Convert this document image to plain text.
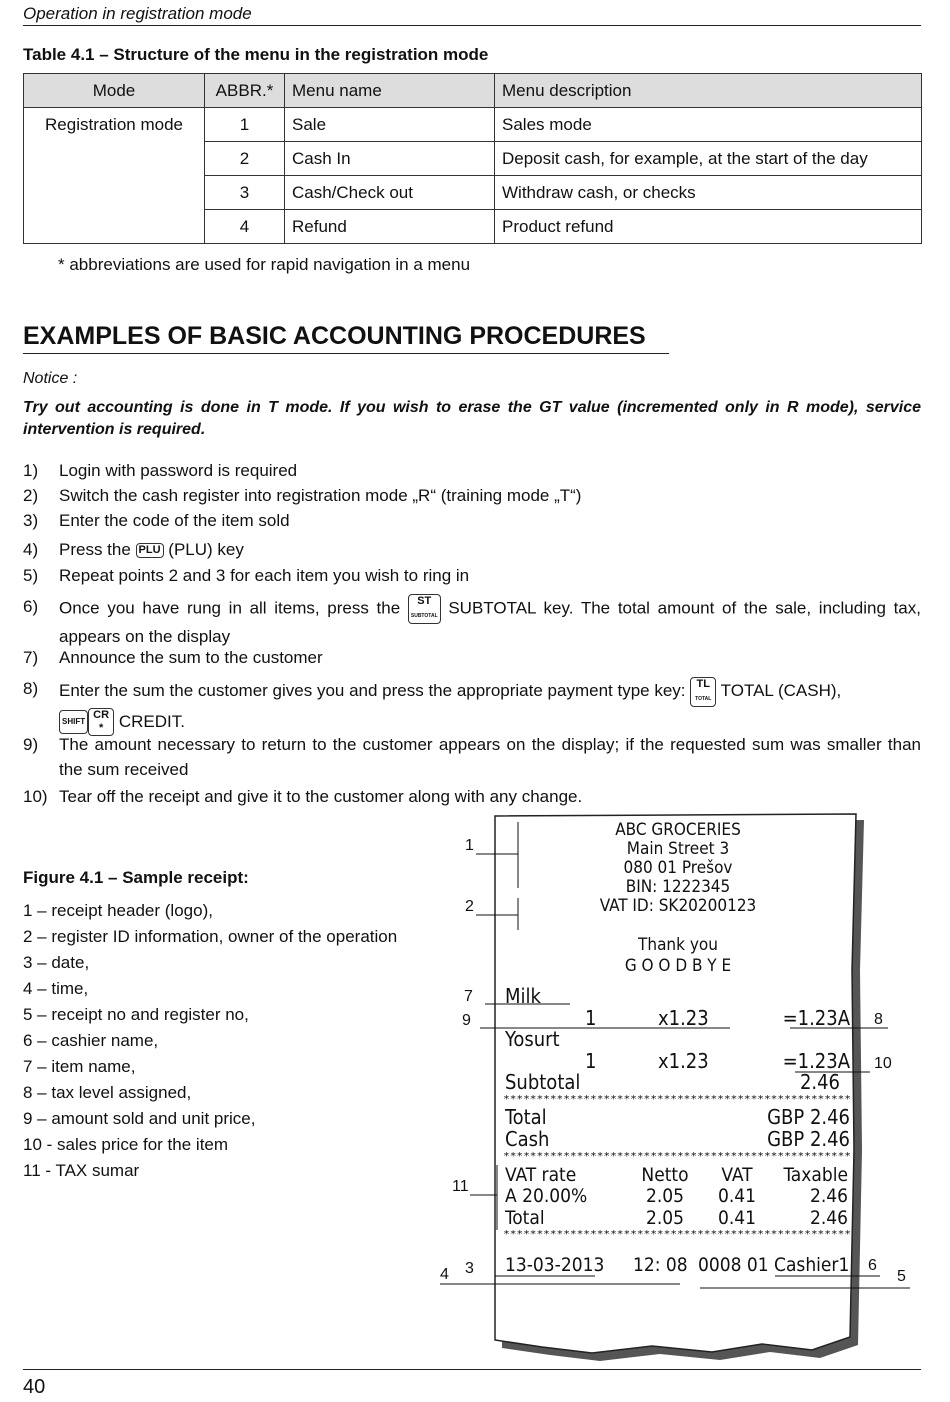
Operation in registration mode
Table 4.1 – Structure of the menu in the registration mode
Mode	ABBR.*	Menu name	Menu description
Registration mode	1	Sale	Sales mode
	2	Cash In	Deposit cash, for example, at the start of the day
	3	Cash/Check out	Withdraw cash, or checks
	4	Refund	Product refund
* abbreviations are used for rapid navigation in a menu
EXAMPLES OF BASIC ACCOUNTING PROCEDURES
Notice :
Try out accounting is done in T mode. If you wish to erase the GT value (incremented only in R mode), service intervention is required.
1) Login with password is required
2) Switch the cash register into registration mode „R“ (training mode „T“)
3) Enter the code of the item sold
4) Press the PLU (PLU) key
5) Repeat points 2 and 3 for each item you wish to ring in
6) Once you have rung in all items, press the ST
SUBTOTAL SUBTOTAL key. The total amount of the sale, including tax, appears on the display
7) Announce the sum to the customer
8) Enter the sum the customer gives you and press the appropriate payment type key: TL
TOTAL TOTAL (CASH),
SHIFTCR
* CREDIT.
9) The amount necessary to return to the customer appears on the display; if the requested sum was smaller than the sum received
10) Tear off the receipt and give it to the customer along with any change.
Figure 4.1 – Sample receipt:
1 – receipt header (logo),
2 – register ID information, owner of the operation
3 – date,
4 – time,
5 – receipt no and register no,
6 – cashier name,
7 – item name,
8 – tax level assigned,
9 – amount sold and unit price,
10 - sales price for the item
11 - TAX sumar
ABC GROCERIES
Main Street 3
080 01 Prešov
BIN: 1222345
VAT ID: SK20200123
Thank you
G O O D B Y E
Milk
1	x1.23	=1.23A
Yosurt
1	x1.23	=1.23A
Subtotal	2.46
****************************************************
Total	GBP 2.46
Cash	GBP 2.46
****************************************************
VAT rate	Netto VAT Taxable
A 20.00%	2.05 0.41	2.46
Total	2.05 0.41	2.46
****************************************************
13-03-2013 12: 08 0008 01 Cashier1
1
2
3
4	5
6
7
8
9
10
11
40
